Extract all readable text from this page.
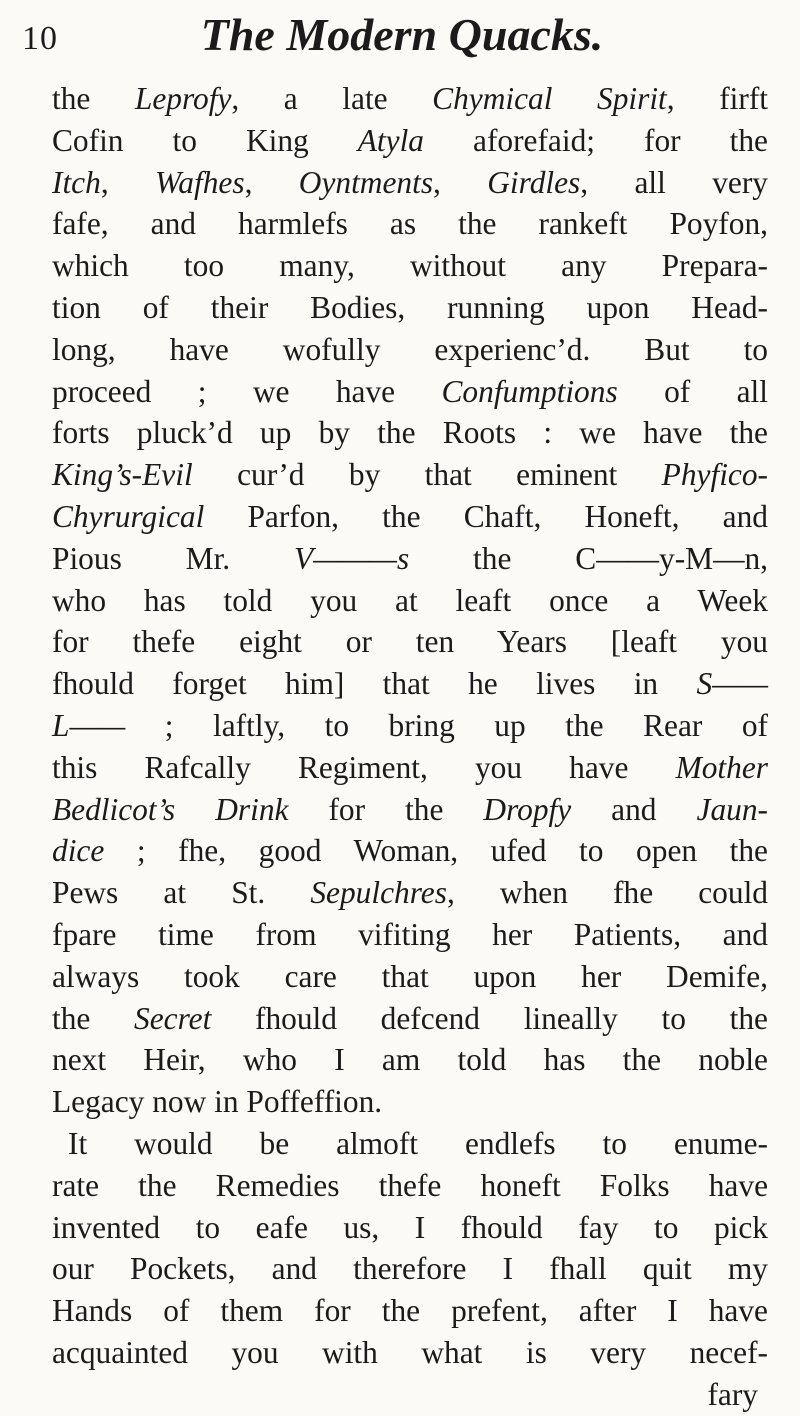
10	The Modern Quacks.
the Leprofy, a late Chymical Spirit, firft
Cofin to King Atyla aforefaid; for the
Itch, Wafhes, Oyntments, Girdles, all very
fafe, and harmlefs as the rankeft Poyfon,
which too many, without any Prepara-
tion of their Bodies, running upon Head-
long, have wofully experienc’d. But to
proceed ; we have Confumptions of all
forts pluck’d up by the Roots : we have the
King’s-Evil cur’d by that eminent Phyfico-
Chyrurgical Parfon, the Chaft, Honeft, and
Pious Mr. V———s the C——y-M—n,
who has told you at leaft once a Week
for thefe eight or ten Years [leaft you
fhould forget him] that he lives in S——
L—— ; laftly, to bring up the Rear of
this Rafcally Regiment, you have Mother
Bedlicot’s Drink for the Dropfy and Jaun-
dice ; fhe, good Woman, ufed to open the
Pews at St. Sepulchres, when fhe could
fpare time from vifiting her Patients, and
always took care that upon her Demife,
the Secret fhould defcend lineally to the
next Heir, who I am told has the noble
Legacy now in Poffeffion.
It would be almoft endlefs to enume-
rate the Remedies thefe honeft Folks have
invented to eafe us, I fhould fay to pick
our Pockets, and therefore I fhall quit my
Hands of them for the prefent, after I have
acquainted you with what is very necef-
fary
